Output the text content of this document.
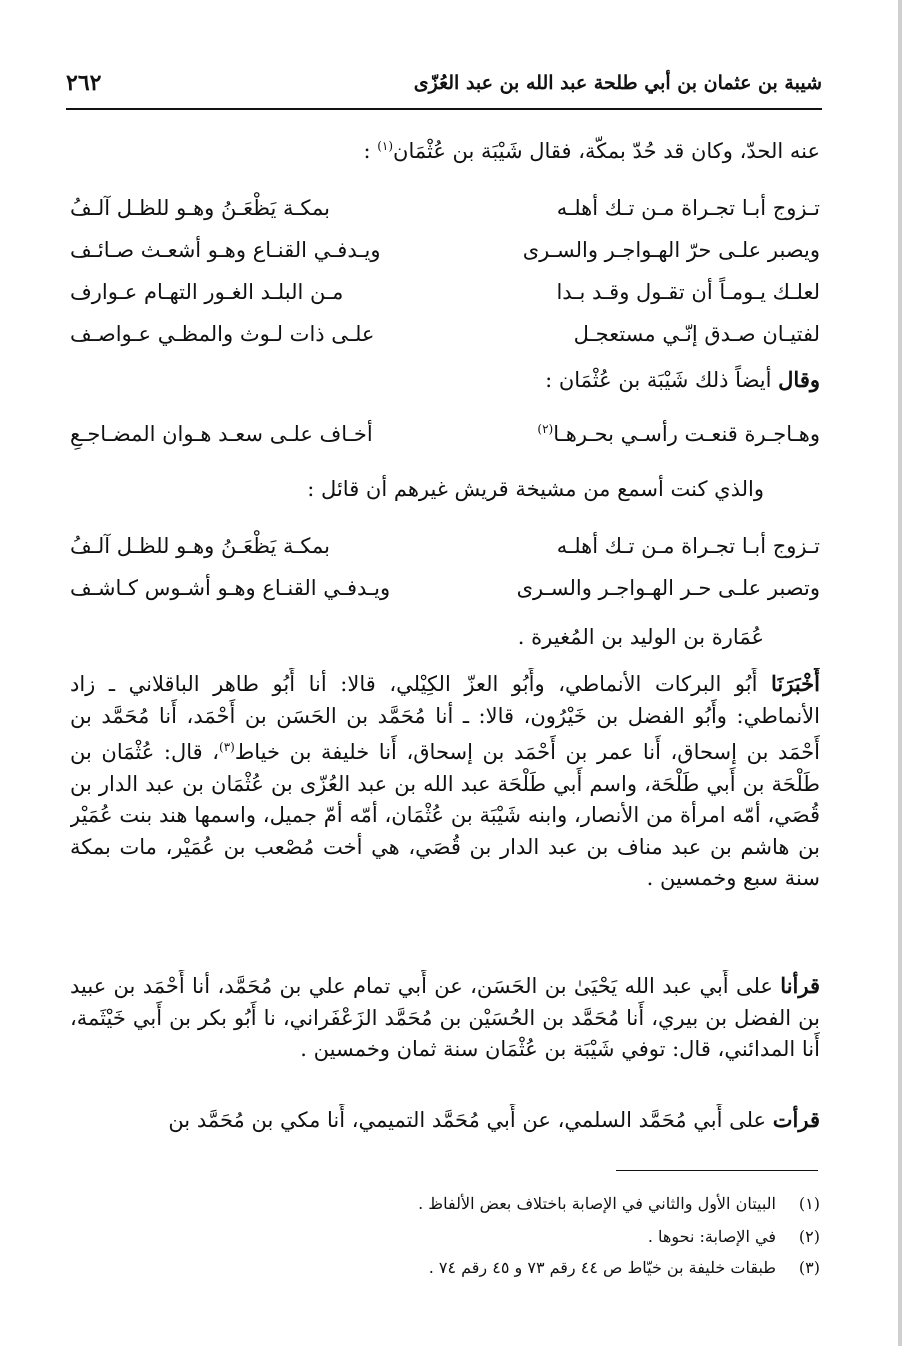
شيبة بن عثمان بن أبي طلحة عبد الله بن عبد العُزّى
٢٦٢
عنه الحدّ، وكان قد حُدّ بمكّة، فقال شَيْبَة بن عُثْمَان$^{(١)}$ :
تـزوج أبـا تجـراة مـن تـك أهلـه
بمكـة يَظْعَـنُ وهـو للظـل آلـفُ
ويصبر علـى حرّ الهـواجـر والسـرى
ويـدفـي القنـاع وهـو أشعـث صـائـف
لعلـك يـومـاً أن تقـول وقـد بـدا
مـن البلـد الغـور التهـام عـوارف
لفتيـان صـدق إنّـي مستعجـل
علـى ذات لـوث والمظـي عـواصـف
وقال أيضاً ذلك شَيْبَة بن عُثْمَان :
وهـاجـرة قنعـت رأسـي بحـرهـا$^{(٢)}$
أخـاف علـى سعـد هـوان المضـاجـعِ
والذي كنت أسمع من مشيخة قريش غيرهم أن قائل :
تـزوج أبـا تجـراة مـن تـك أهلـه
بمكـة يَظْعَـنُ وهـو للظـل آلـفُ
وتصبر علـى حـر الهـواجـر والسـرى
ويـدفـي القنـاع وهـو أشـوس كـاشـف
عُمَارة بن الوليد بن المُغيرة .
أَخْبَرَنَا أَبُو البركات الأنماطي، وأَبُو العزّ الكِيْلي، قالا: أنا أَبُو طاهر الباقلاني ـ زاد الأنماطي: وأَبُو الفضل بن خَيْرُون، قالا: ـ أنا مُحَمَّد بن الحَسَن بن أَحْمَد، أَنا مُحَمَّد بن أَحْمَد بن إسحاق، أَنا عمر بن أَحْمَد بن إسحاق، أَنا خليفة بن خياط$^{(٣)}$، قال: عُثْمَان بن طَلْحَة بن أَبي طَلْحَة، واسم أَبي طَلْحَة عبد الله بن عبد العُزّى بن عُثْمَان بن عبد الدار بن قُصَي، أمّه امرأة من الأنصار، وابنه شَيْبَة بن عُثْمَان، أمّه أمّ جميل، واسمها هند بنت عُمَيْر بن هاشم بن عبد مناف بن عبد الدار بن قُصَي، هي أخت مُصْعب بن عُمَيْر، مات بمكة سنة سبع وخمسين .
قرأنا على أَبي عبد الله يَحْيَىٰ بن الحَسَن، عن أَبي تمام علي بن مُحَمَّد، أنا أَحْمَد بن عبيد بن الفضل بن بيري، أَنا مُحَمَّد بن الحُسَيْن بن مُحَمَّد الزَعْفَراني، نا أَبُو بكر بن أَبي خَيْثَمة، أَنا المدائني، قال: توفي شَيْبَة بن عُثْمَان سنة ثمان وخمسين .
قرأت على أَبي مُحَمَّد السلمي، عن أَبي مُحَمَّد التميمي، أَنا مكي بن مُحَمَّد بن
(١)البيتان الأول والثاني في الإصابة باختلاف بعض الألفاظ .
(٢)في الإصابة: نحوها .
(٣)طبقات خليفة بن خيّاط ص ٤٤ رقم ٧٣ و ٤٥ رقم ٧٤ .
